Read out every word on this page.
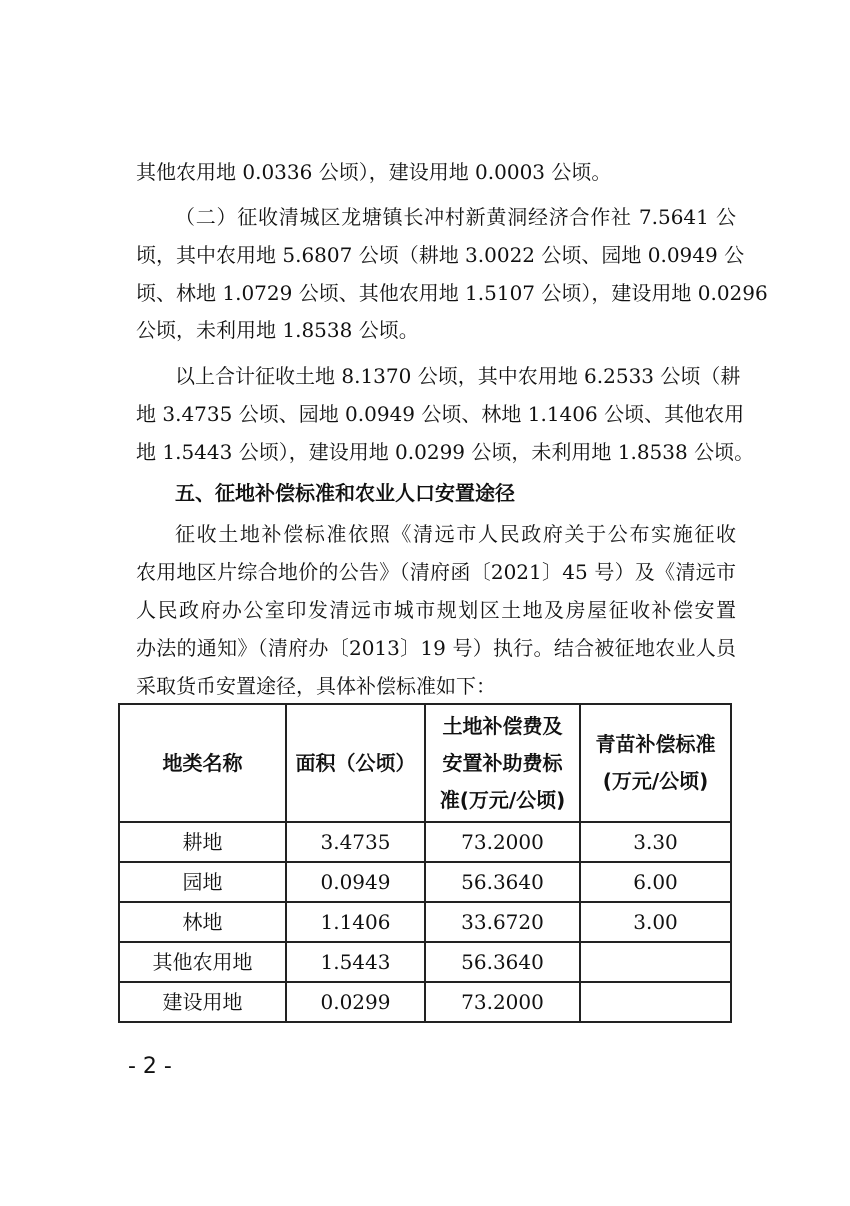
其他农用地 0.0336 公顷），建设用地 0.0003 公顷。
（二）征收清城区龙塘镇长冲村新黄洞经济合作社 7.5641 公
顷，其中农用地 5.6807 公顷（耕地 3.0022 公顷、园地 0.0949 公
顷、林地 1.0729 公顷、其他农用地 1.5107 公顷），建设用地 0.0296
公顷，未利用地 1.8538 公顷。
以上合计征收土地 8.1370 公顷，其中农用地 6.2533 公顷（耕
地 3.4735 公顷、园地 0.0949 公顷、林地 1.1406 公顷、其他农用
地 1.5443 公顷），建设用地 0.0299 公顷，未利用地 1.8538 公顷。
五、征地补偿标准和农业人口安置途径
征收土地补偿标准依照《清远市人民政府关于公布实施征收
农用地区片综合地价的公告》（清府函〔2021〕45 号）及《清远市
人民政府办公室印发清远市城市规划区土地及房屋征收补偿安置
办法的通知》（清府办〔2013〕19 号）执行。结合被征地农业人员
采取货币安置途径，具体补偿标准如下：
地类名称	面积（公顷）	土地补偿费及
安置补助费标
准(万元/公顷)	青苗补偿标准
(万元/公顷)

耕地	3.4735	73.2000	3.30
园地	0.0949	56.3640	6.00
林地	1.1406	33.6720	3.00
其他农用地	1.5443	56.3640	
建设用地	0.0299	73.2000	
- 2 -
